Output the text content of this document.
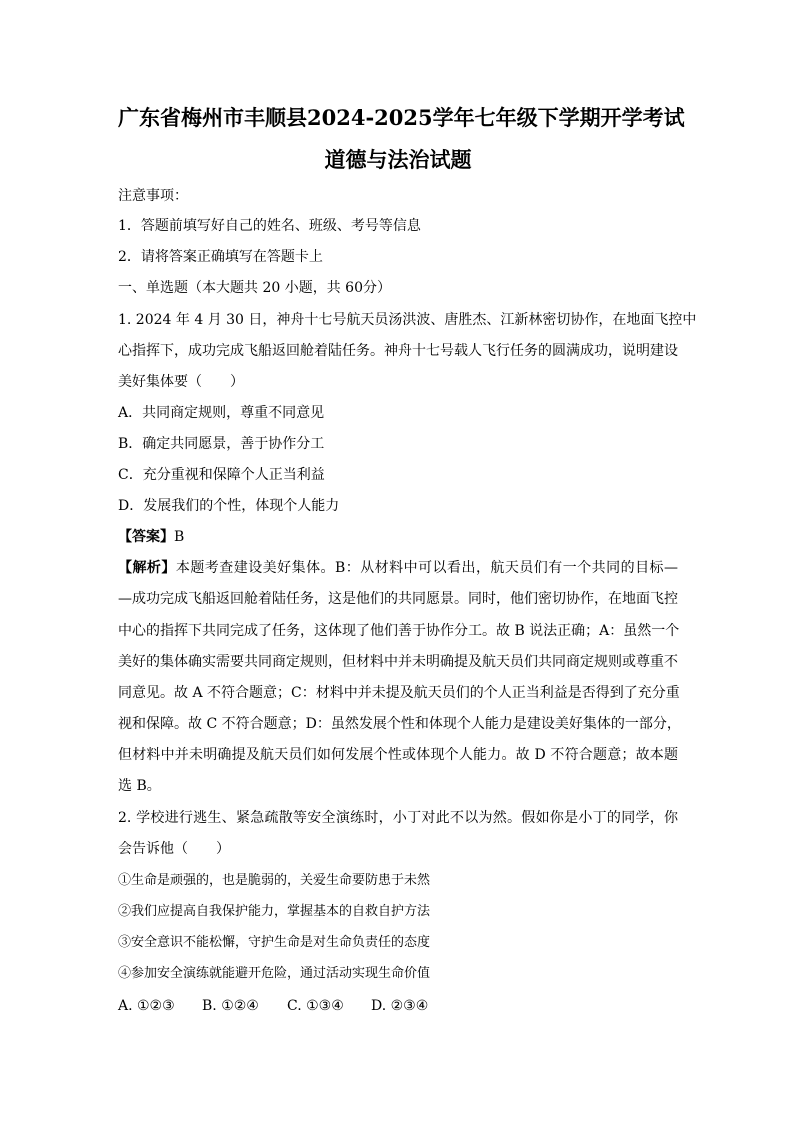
广东省梅州市丰顺县2024-2025学年七年级下学期开学考试
道德与法治试题
注意事项：
1．答题前填写好自己的姓名、班级、考号等信息
2．请将答案正确填写在答题卡上
一、单选题（本大题共 20 小题，共 60分）
1. 2024 年 4 月 30 日，神舟十七号航天员汤洪波、唐胜杰、江新林密切协作，在地面飞控中
心指挥下，成功完成飞船返回舱着陆任务。神舟十七号载人飞行任务的圆满成功，说明建设
美好集体要（　　）
A．共同商定规则，尊重不同意见
B．确定共同愿景，善于协作分工
C．充分重视和保障个人正当利益
D．发展我们的个性，体现个人能力
【答案】B
【解析】本题考查建设美好集体。B：从材料中可以看出，航天员们有一个共同的目标—
—成功完成飞船返回舱着陆任务，这是他们的共同愿景。同时，他们密切协作，在地面飞控
中心的指挥下共同完成了任务，这体现了他们善于协作分工。故 B 说法正确；A：虽然一个
美好的集体确实需要共同商定规则，但材料中并未明确提及航天员们共同商定规则或尊重不
同意见。故 A 不符合题意；C：材料中并未提及航天员们的个人正当利益是否得到了充分重
视和保障。故 C 不符合题意；D：虽然发展个性和体现个人能力是建设美好集体的一部分，
但材料中并未明确提及航天员们如何发展个性或体现个人能力。故 D 不符合题意；故本题
选 B。
2. 学校进行逃生、紧急疏散等安全演练时，小丁对此不以为然。假如你是小丁的同学，你
会告诉他（　　）
①生命是顽强的，也是脆弱的，关爱生命要防患于未然
②我们应提高自我保护能力，掌握基本的自救自护方法
③安全意识不能松懈，守护生命是对生命负责任的态度
④参加安全演练就能避开危险，通过活动实现生命价值
A. ①②③ B. ①②④ C. ①③④ D. ②③④
